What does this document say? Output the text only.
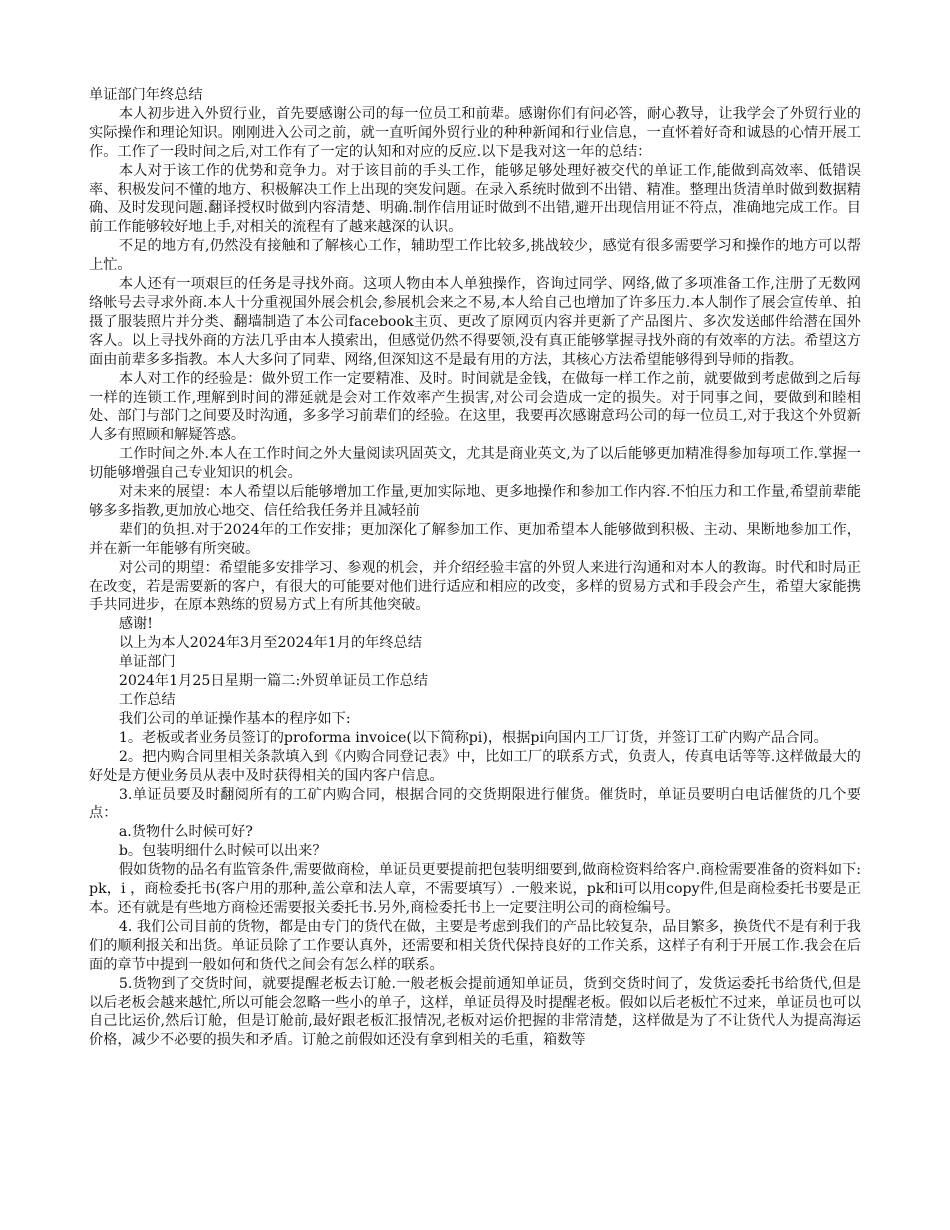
单证部门年终总结

本人初步进入外贸行业，首先要感谢公司的每一位员工和前辈。感谢你们有问必答，耐心教导，让我学会了外贸行业的实际操作和理论知识。刚刚进入公司之前，就一直听闻外贸行业的种种新闻和行业信息，一直怀着好奇和诚恳的心情开展工作。工作了一段时间之后,对工作有了一定的认知和对应的反应.以下是我对这一年的总结：

本人对于该工作的优势和竞争力。对于该目前的手头工作，能够足够处理好被交代的单证工作,能做到高效率、低错误率、积极发问不懂的地方、积极解决工作上出现的突发问题。在录入系统时做到不出错、精准。整理出货清单时做到数据精确、及时发现问题.翻译授权时做到内容清楚、明确.制作信用证时做到不出错,避开出现信用证不符点，准确地完成工作。目前工作能够较好地上手,对相关的流程有了越来越深的认识。

不足的地方有,仍然没有接触和了解核心工作，辅助型工作比较多,挑战较少，感觉有很多需要学习和操作的地方可以帮上忙。

本人还有一项艰巨的任务是寻找外商。这项人物由本人单独操作，咨询过同学、网络,做了多项准备工作,注册了无数网络帐号去寻求外商.本人十分重视国外展会机会,参展机会来之不易,本人给自己也增加了许多压力.本人制作了展会宣传单、拍摄了服装照片并分类、翻墙制造了本公司facebook主页、更改了原网页内容并更新了产品图片、多次发送邮件给潜在国外客人。以上寻找外商的方法几乎由本人摸索出，但感觉仍然不得要领,没有真正能够掌握寻找外商的有效率的方法。希望这方面由前辈多多指教。本人大多问了同辈、网络,但深知这不是最有用的方法，其核心方法希望能够得到导师的指教。

本人对工作的经验是：做外贸工作一定要精准、及时。时间就是金钱，在做每一样工作之前，就要做到考虑做到之后每一样的连锁工作,理解到时间的滞延就是会对工作效率产生损害,对公司会造成一定的损失。对于同事之间，要做到和睦相处、部门与部门之间要及时沟通，多多学习前辈们的经验。在这里，我要再次感谢意玛公司的每一位员工,对于我这个外贸新人多有照顾和解疑答惑。

工作时间之外.本人在工作时间之外大量阅读巩固英文，尤其是商业英文,为了以后能够更加精准得参加每项工作.掌握一切能够增强自己专业知识的机会。

对未来的展望：本人希望以后能够增加工作量,更加实际地、更多地操作和参加工作内容.不怕压力和工作量,希望前辈能够多多指教,更加放心地交、信任给我任务并且减轻前

辈们的负担.对于2024年的工作安排；更加深化了解参加工作、更加希望本人能够做到积极、主动、果断地参加工作，并在新一年能够有所突破。

对公司的期望：希望能多安排学习、参观的机会，并介绍经验丰富的外贸人来进行沟通和对本人的教诲。时代和时局正在改变，若是需要新的客户，有很大的可能要对他们进行适应和相应的改变，多样的贸易方式和手段会产生，希望大家能携手共同进步，在原本熟练的贸易方式上有所其他突破。

感谢!

以上为本人2024年3月至2024年1月的年终总结

单证部门

2024年1月25日星期一篇二:外贸单证员工作总结

工作总结

我们公司的单证操作基本的程序如下:

1。老板或者业务员签订的proforma invoice(以下简称pi)，根据pi向国内工厂订货，并签订工矿内购产品合同。

2。把内购合同里相关条款填入到《内购合同登记表》中，比如工厂的联系方式，负责人，传真电话等等.这样做最大的好处是方便业务员从表中及时获得相关的国内客户信息。

3.单证员要及时翻阅所有的工矿内购合同，根据合同的交货期限进行催货。催货时，单证员要明白电话催货的几个要点：

a.货物什么时候可好?

b。包装明细什么时候可以出来？

假如货物的品名有监管条件,需要做商检，单证员更要提前把包装明细要到,做商检资料给客户.商检需要准备的资料如下:pk，i ，商检委托书(客户用的那种,盖公章和法人章，不需要填写）.一般来说，pk和i可以用copy件,但是商检委托书要是正本。还有就是有些地方商检还需要报关委托书.另外,商检委托书上一定要注明公司的商检编号。

4. 我们公司目前的货物，都是由专门的货代在做，主要是考虑到我们的产品比较复杂，品目繁多，换货代不是有利于我们的顺利报关和出货。单证员除了工作要认真外，还需要和相关货代保持良好的工作关系，这样子有利于开展工作.我会在后面的章节中提到一般如何和货代之间会有怎么样的联系。

5.货物到了交货时间，就要提醒老板去订舱.一般老板会提前通知单证员，货到交货时间了，发货运委托书给货代,但是以后老板会越来越忙,所以可能会忽略一些小的单子，这样，单证员得及时提醒老板。假如以后老板忙不过来，单证员也可以自己比运价,然后订舱，但是订舱前,最好跟老板汇报情况,老板对运价把握的非常清楚，这样做是为了不让货代人为提高海运价格，减少不必要的损失和矛盾。订舱之前假如还没有拿到相关的毛重，箱数等
